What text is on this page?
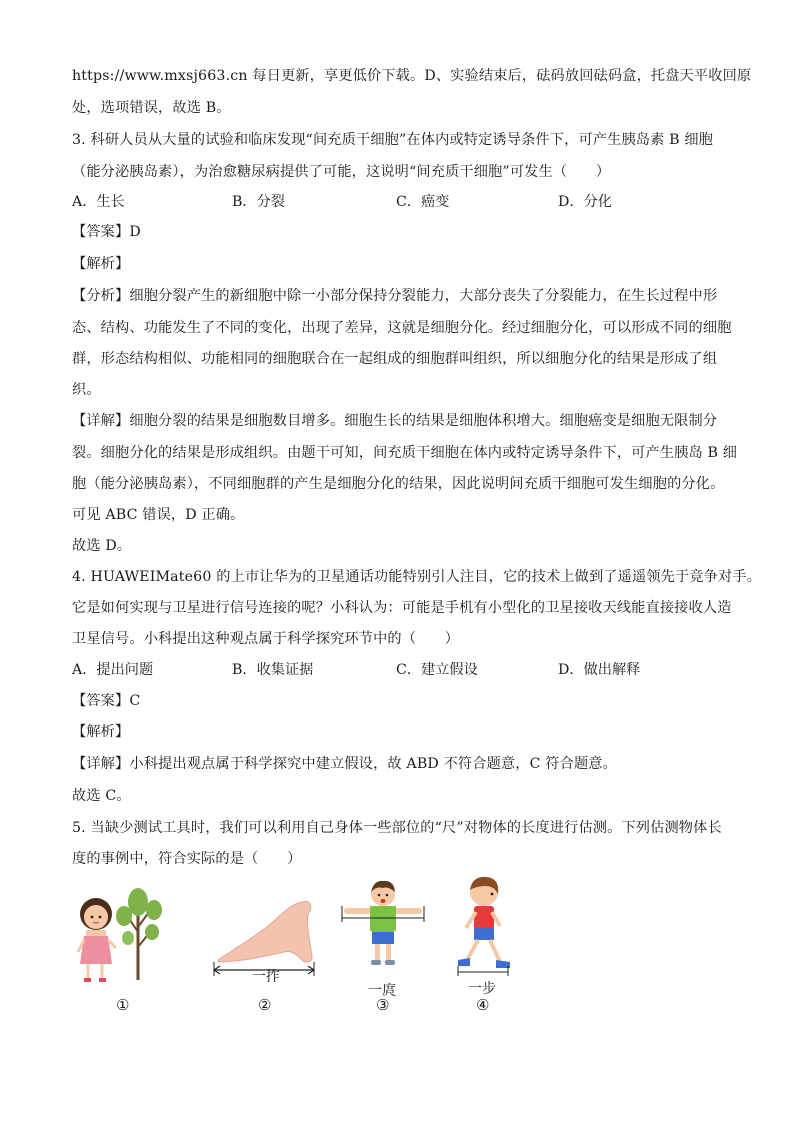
https://www.mxsj663.cn 每日更新，享更低价下载。D、实验结束后，砝码放回砝码盒，托盘天平收回原
处，选项错误，故选 B。
3. 科研人员从大量的试验和临床发现“间充质干细胞”在体内或特定诱导条件下，可产生胰岛素 B 细胞
（能分泌胰岛素），为治愈糖尿病提供了可能，这说明“间充质干细胞”可发生（　　）
A．生长	B．分裂	C．癌变	D．分化
【答案】D
【解析】
【分析】细胞分裂产生的新细胞中除一小部分保持分裂能力，大部分丧失了分裂能力，在生长过程中形
态、结构、功能发生了不同的变化，出现了差异，这就是细胞分化。经过细胞分化，可以形成不同的细胞
群，形态结构相似、功能相同的细胞联合在一起组成的细胞群叫组织，所以细胞分化的结果是形成了组
织。
【详解】细胞分裂的结果是细胞数目增多。细胞生长的结果是细胞体积增大。细胞癌变是细胞无限制分
裂。细胞分化的结果是形成组织。由题干可知，间充质干细胞在体内或特定诱导条件下，可产生胰岛 B 细
胞（能分泌胰岛素），不同细胞群的产生是细胞分化的结果，因此说明间充质干细胞可发生细胞的分化。
可见 ABC 错误，D 正确。
故选 D。
4. HUAWEIMate60 的上市让华为的卫星通话功能特别引人注目，它的技术上做到了遥遥领先于竞争对手。
它是如何实现与卫星进行信号连接的呢？小科认为：可能是手机有小型化的卫星接收天线能直接接收人造
卫星信号。小科提出这种观点属于科学探究环节中的（　　）
A．提出问题	B．收集证据	C．建立假设	D．做出解释
【答案】C
【解析】
【详解】小科提出观点属于科学探究中建立假设，故 ABD 不符合题意，C 符合题意。
故选 C。
5. 当缺少测试工具时，我们可以利用自己身体一些部位的“尺”对物体的长度进行估测。下列估测物体长
度的事例中，符合实际的是（　　）
一拃
一庹	一步
①	②	③	④
